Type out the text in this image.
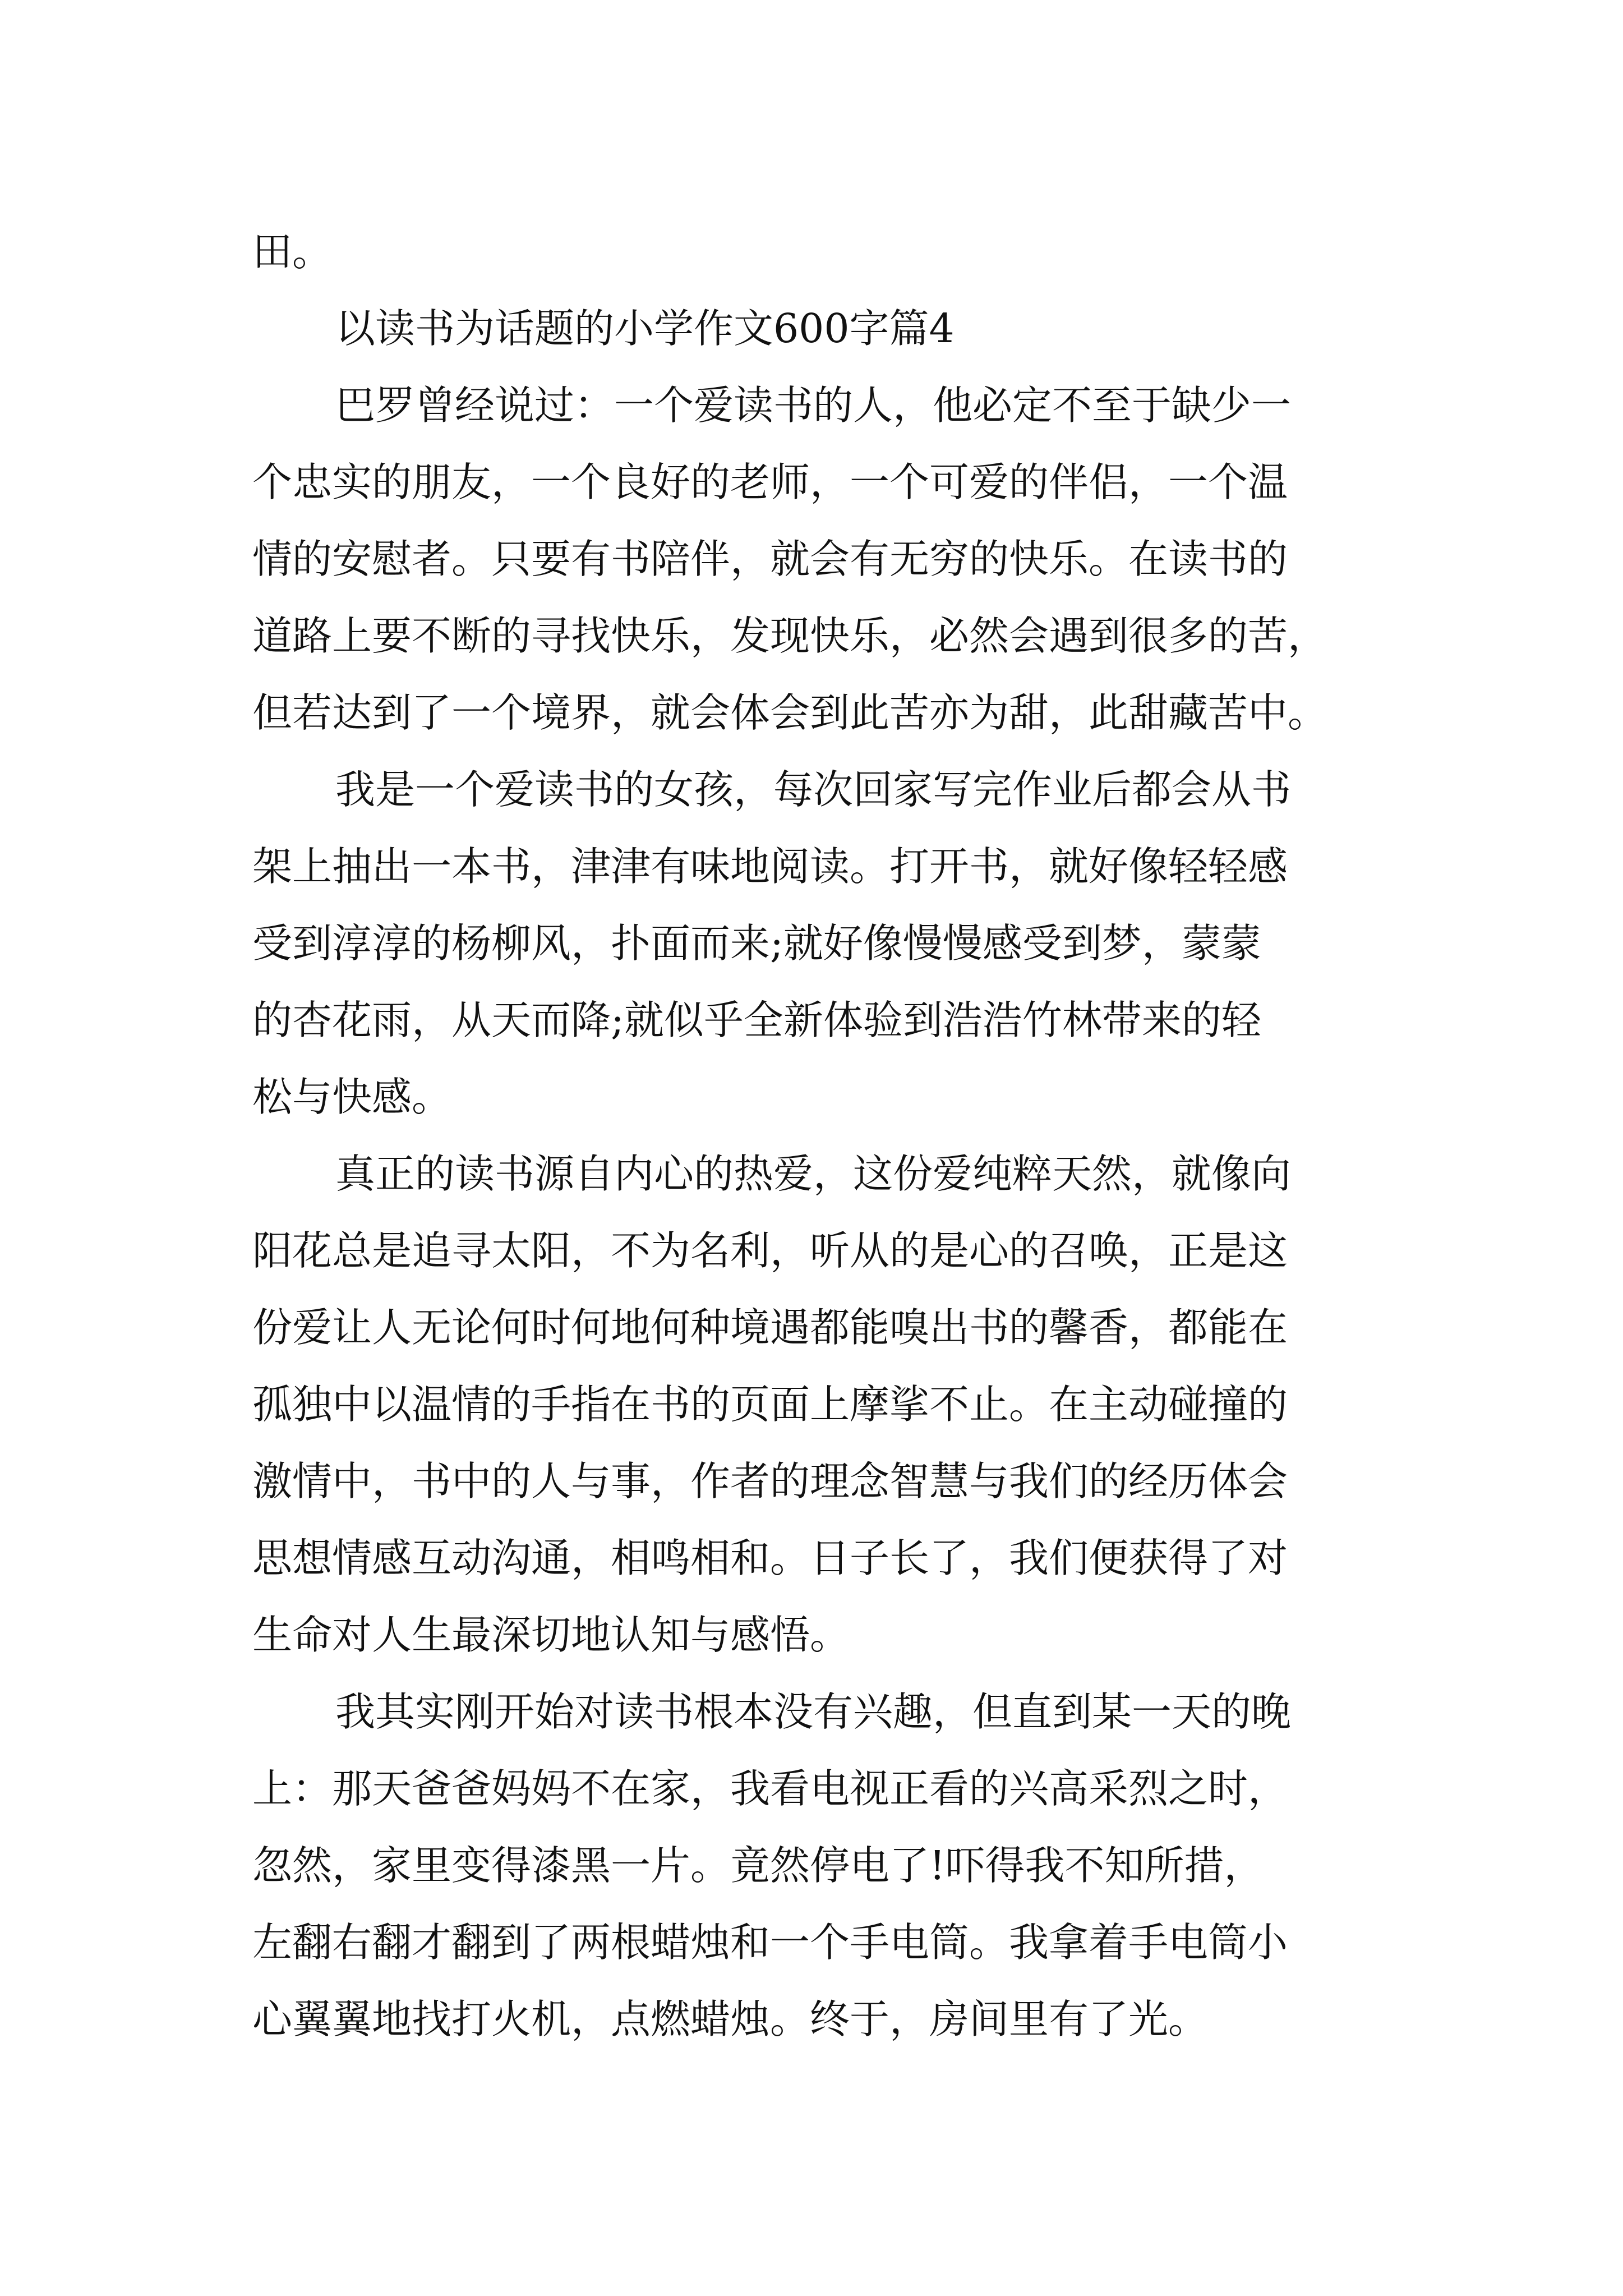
田。
以读书为话题的小学作文600字篇4
巴罗曾经说过：一个爱读书的人，他必定不至于缺少一
个忠实的朋友，一个良好的老师，一个可爱的伴侣，一个温
情的安慰者。只要有书陪伴，就会有无穷的快乐。在读书的
道路上要不断的寻找快乐，发现快乐，必然会遇到很多的苦，
但若达到了一个境界，就会体会到此苦亦为甜，此甜藏苦中。
我是一个爱读书的女孩，每次回家写完作业后都会从书
架上抽出一本书，津津有味地阅读。打开书，就好像轻轻感
受到淳淳的杨柳风，扑面而来;就好像慢慢感受到梦，蒙蒙
的杏花雨，从天而降;就似乎全新体验到浩浩竹林带来的轻
松与快感。
真正的读书源自内心的热爱，这份爱纯粹天然，就像向
阳花总是追寻太阳，不为名利，听从的是心的召唤，正是这
份爱让人无论何时何地何种境遇都能嗅出书的馨香，都能在
孤独中以温情的手指在书的页面上摩挲不止。在主动碰撞的
激情中，书中的人与事，作者的理念智慧与我们的经历体会
思想情感互动沟通，相鸣相和。日子长了，我们便获得了对
生命对人生最深切地认知与感悟。
我其实刚开始对读书根本没有兴趣，但直到某一天的晚
上：那天爸爸妈妈不在家，我看电视正看的兴高采烈之时，
忽然，家里变得漆黑一片。竟然停电了!吓得我不知所措，
左翻右翻才翻到了两根蜡烛和一个手电筒。我拿着手电筒小
心翼翼地找打火机，点燃蜡烛。终于，房间里有了光。
